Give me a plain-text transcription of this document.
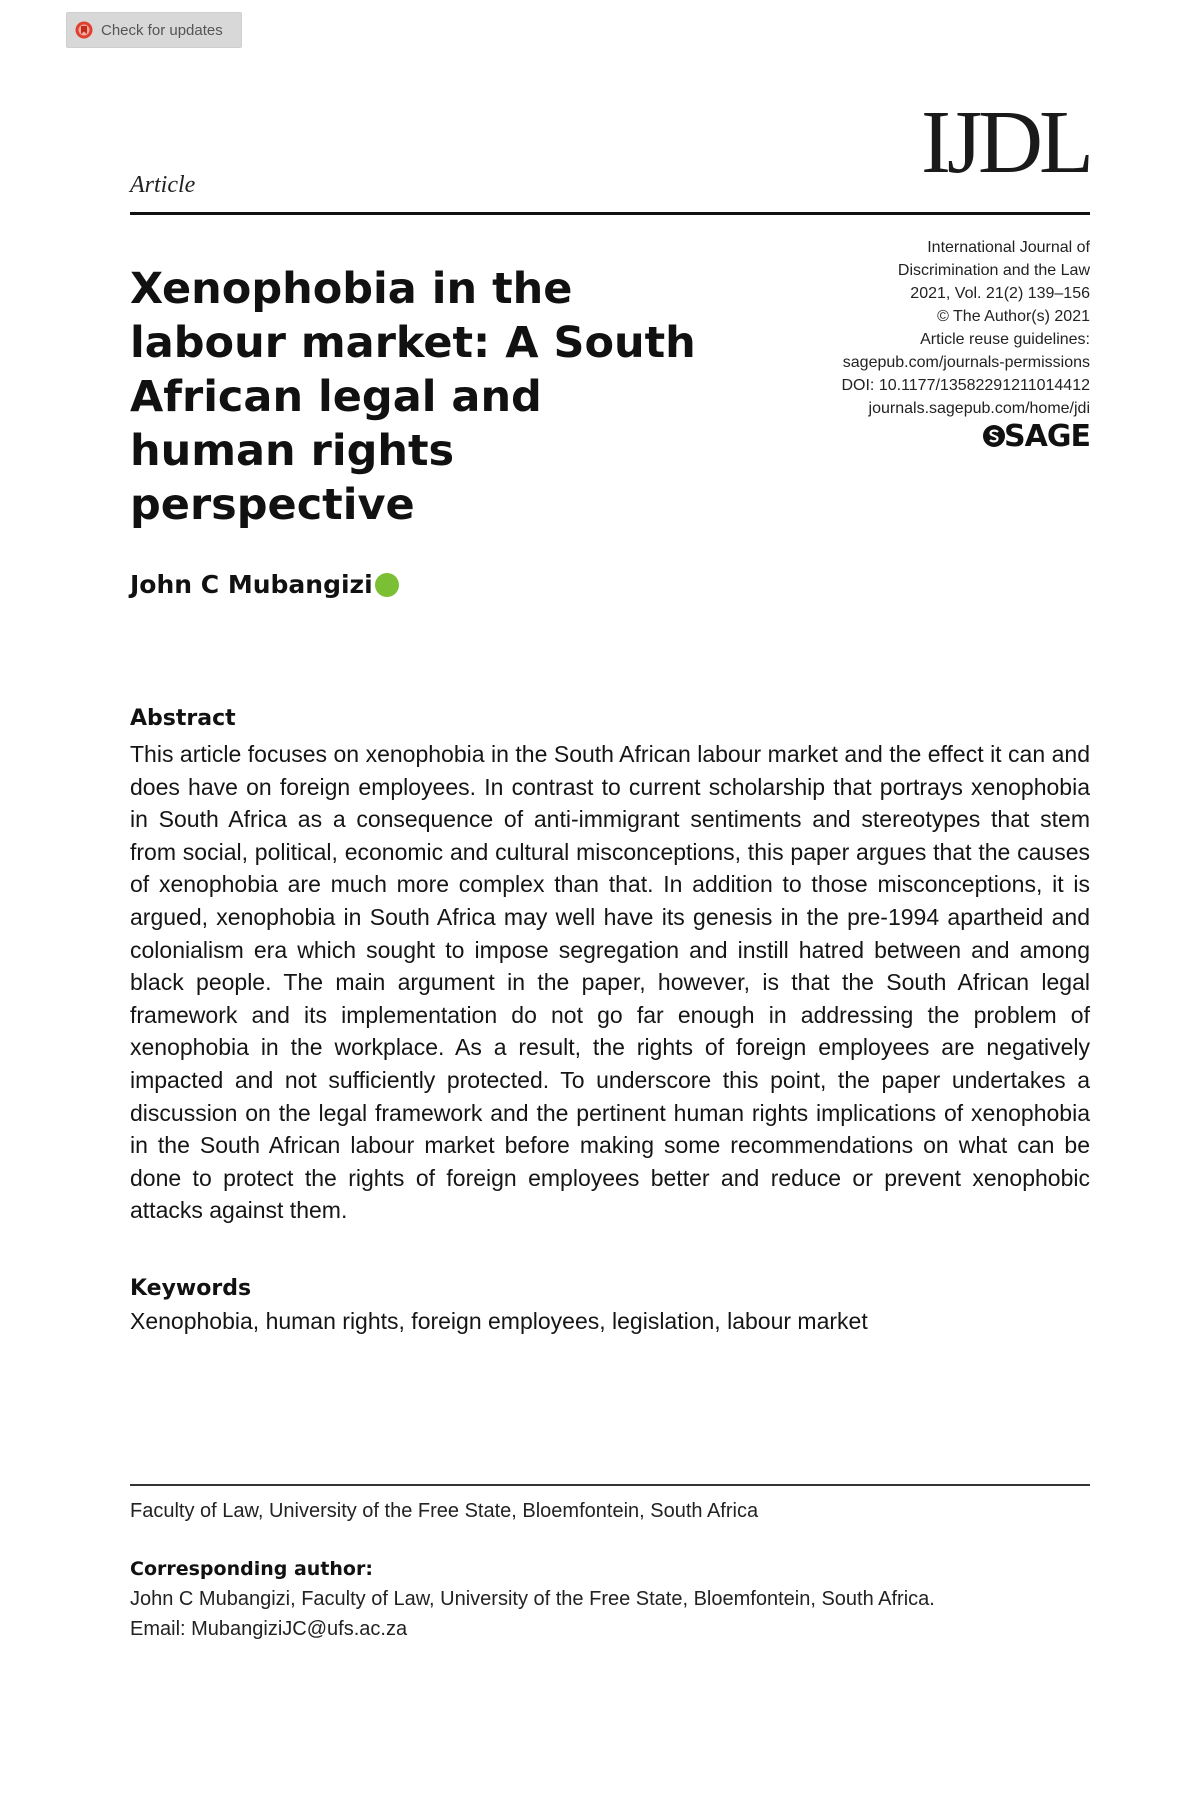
Check for updates
Article	IJDL
Xenophobia in the labour market: A South African legal and human rights perspective
International Journal of
Discrimination and the Law
2021, Vol. 21(2) 139–156
© The Author(s) 2021
Article reuse guidelines:
sagepub.com/journals-permissions
DOI: 10.1177/13582291211014412
journals.sagepub.com/home/jdi
SAGE
John C Mubangizi
Abstract

This article focuses on xenophobia in the South African labour market and the effect it can and does have on foreign employees. In contrast to current scholarship that portrays xenophobia in South Africa as a consequence of anti-immigrant sentiments and stereotypes that stem from social, political, economic and cultural misconceptions, this paper argues that the causes of xenophobia are much more complex than that. In addition to those misconceptions, it is argued, xenophobia in South Africa may well have its genesis in the pre-1994 apartheid and colonialism era which sought to impose segregation and instill hatred between and among black people. The main argument in the paper, however, is that the South African legal framework and its implementation do not go far enough in addressing the problem of xenophobia in the workplace. As a result, the rights of foreign employees are negatively impacted and not sufficiently protected. To underscore this point, the paper undertakes a discussion on the legal framework and the pertinent human rights implications of xenophobia in the South African labour market before making some recommendations on what can be done to protect the rights of foreign employees better and reduce or prevent xenophobic attacks against them.

Keywords
Xenophobia, human rights, foreign employees, legislation, labour market
Faculty of Law, University of the Free State, Bloemfontein, South Africa
Corresponding author:
John C Mubangizi, Faculty of Law, University of the Free State, Bloemfontein, South Africa.
Email: MubangiziJC@ufs.ac.za
